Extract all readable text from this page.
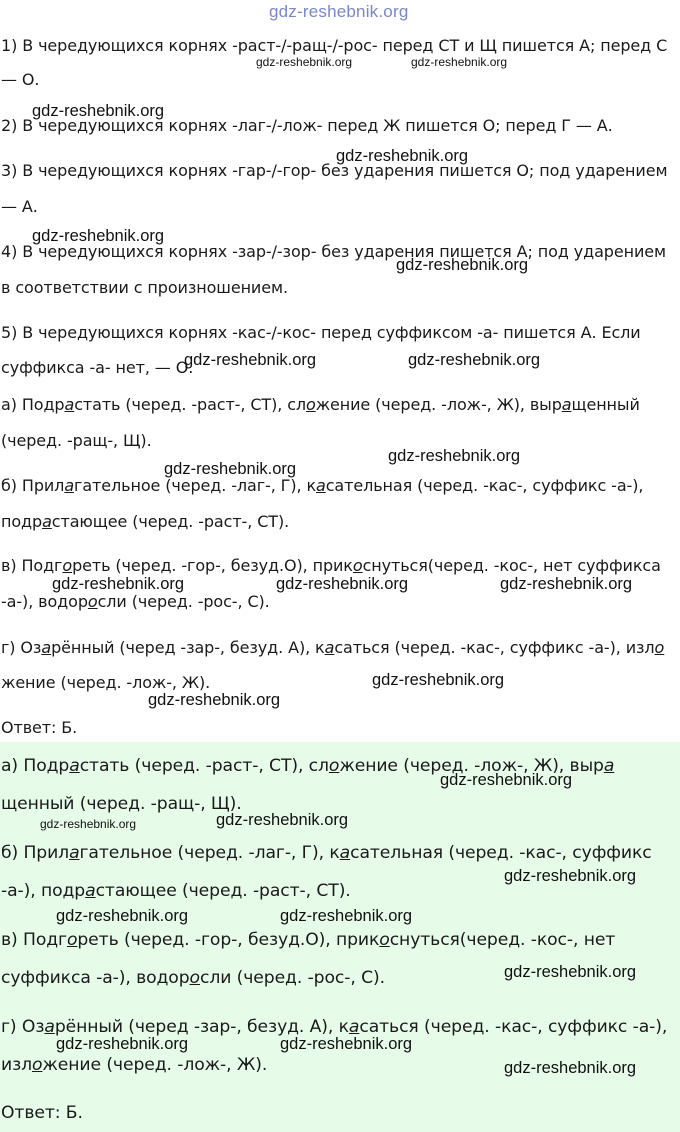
1) В чередующихся корнях -раст-/-ращ-/-рос- перед СТ и Щ пишется А; перед С
— О.
2) В чередующихся корнях -лаг-/-лож- перед Ж пишется О; перед Г — А.
3) В чередующихся корнях -гар-/-гор- без ударения пишется О; под ударением
— А.
4) В чередующихся корнях -зар-/-зор- без ударения пишется А; под ударением
в соответствии с произношением.
5) В чередующихся корнях -кас-/-кос- перед суффиксом -а- пишется А. Если
суффикса -а- нет, — О.
а) Подрастать (черед. -раст-, СТ), сложение (черед. -лож-, Ж), выращенный
(черед. -ращ-, Щ).
б) Прилагательное (черед. -лаг-, Г), касательная (черед. -кас-, суффикс -а-),
подрастающее (черед. -раст-, СТ).
в) Подгореть (черед. -гор-, безуд.О), прикоснуться(черед. -кос-, нет суффикса
-а-), водоросли (черед. -рос-, С).
г) Озарённый (черед -зар-, безуд. А), касаться (черед. -кас-, суффикс -а-), изло
жение (черед. -лож-, Ж).
Ответ: Б.
а) Подрастать (черед. -раст-, СТ), сложение (черед. -лож-, Ж), выра
щенный (черед. -ращ-, Щ).
б) Прилагательное (черед. -лаг-, Г), касательная (черед. -кас-, суффикс
-а-), подрастающее (черед. -раст-, СТ).
в) Подгореть (черед. -гор-, безуд.О), прикоснуться(черед. -кос-, нет
суффикса -а-), водоросли (черед. -рос-, С).
г) Озарённый (черед -зар-, безуд. А), касаться (черед. -кас-, суффикс -а-),
изложение (черед. -лож-, Ж).
Ответ: Б.
gdz-reshebnik.org
gdz-reshebnik.org	gdz-reshebnik.org
gdz-reshebnik.org
gdz-reshebnik.org
gdz-reshebnik.org
gdz-reshebnik.org
gdz-reshebnik.org	gdz-reshebnik.org
gdz-reshebnik.org
gdz-reshebnik.org
gdz-reshebnik.org	gdz-reshebnik.org	gdz-reshebnik.org
gdz-reshebnik.org
gdz-reshebnik.org
gdz-reshebnik.org
gdz-reshebnik.org	gdz-reshebnik.org
gdz-reshebnik.org
gdz-reshebnik.org	gdz-reshebnik.org
gdz-reshebnik.org
gdz-reshebnik.org	gdz-reshebnik.org
gdz-reshebnik.org
